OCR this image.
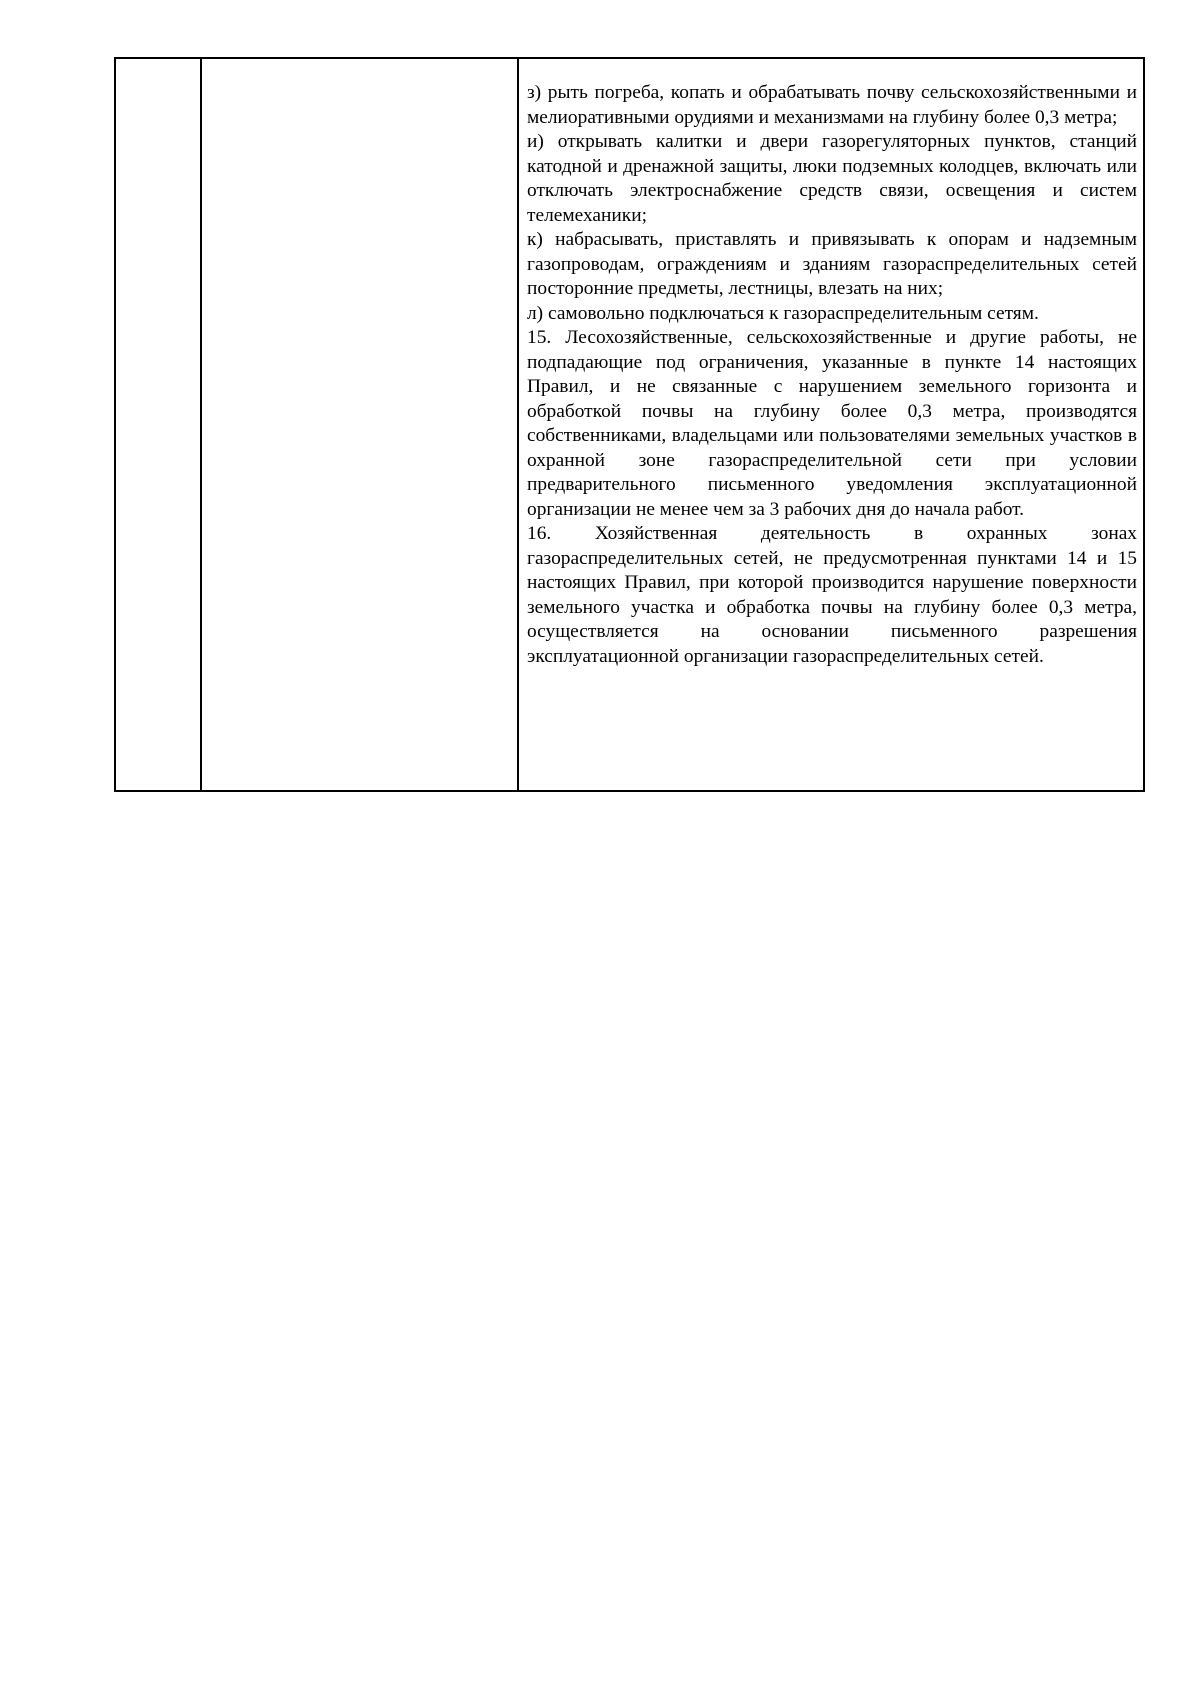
з) рыть погреба, копать и обрабатывать почву сельскохозяйственными и мелиоративными орудиями и механизмами на глубину более 0,3 метра;

и) открывать калитки и двери газорегуляторных пунктов, станций катодной и дренажной защиты, люки подземных колодцев, включать или отключать электроснабжение средств связи, освещения и систем телемеханики;

к) набрасывать, приставлять и привязывать к опорам и надземным газопроводам, ограждениям и зданиям газораспределительных сетей посторонние предметы, лестницы, влезать на них;

л) самовольно подключаться к газораспределительным сетям.

15. Лесохозяйственные, сельскохозяйственные и другие работы, не подпадающие под ограничения, указанные в пункте 14 настоящих Правил, и не связанные с нарушением земельного горизонта и обработкой почвы на глубину более 0,3 метра, производятся собственниками, владельцами или пользователями земельных участков в охранной зоне газораспределительной сети при условии предварительного письменного уведомления эксплуатационной организации не менее чем за 3 рабочих дня до начала работ.

16. Хозяйственная деятельность в охранных зонах газораспределительных сетей, не предусмотренная пунктами 14 и 15 настоящих Правил, при которой производится нарушение поверхности земельного участка и обработка почвы на глубину более 0,3 метра, осуществляется на основании письменного разрешения эксплуатационной организации газораспределительных сетей.
